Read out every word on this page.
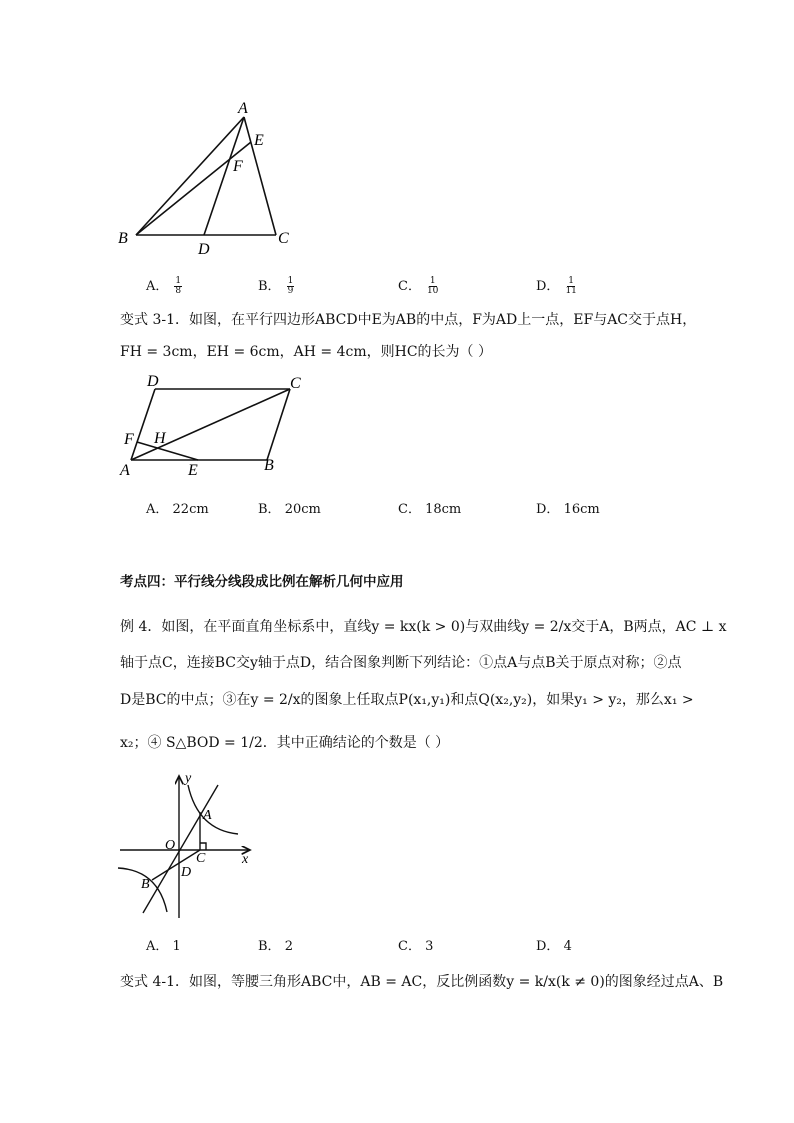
A
E
F
B
D
C
A． $\frac{1}{8}$	B． $\frac{1}{9}$	C． $\frac{1}{10}$	D． $\frac{1}{11}$
变式 3-1．如图，在平行四边形ABCD中E为AB的中点，F为AD上一点，EF与AC交于点H，
FH = 3cm，EH = 6cm，AH = 4cm，则HC的长为（ ）
D	C
F H
A	E	B
A． 22cm	B． 20cm	C． 18cm	D． 16cm
考点四：平行线分线段成比例在解析几何中应用
例 4．如图，在平面直角坐标系中，直线y = kx(k > 0)与双曲线y = 2/x交于A，B两点，AC ⊥ x
轴于点C，连接BC交y轴于点D，结合图象判断下列结论：①点A与点B关于原点对称；②点
D是BC的中点；③在y = 2/x的图象上任取点P(x₁,y₁)和点Q(x₂,y₂)，如果y₁ > y₂，那么x₁ >
x₂；④ S△BOD = 1/2．其中正确结论的个数是（ ）
y
x
O
A
C
D
B
A． 1	B． 2	C． 3	D． 4
变式 4-1．如图，等腰三角形ABC中，AB = AC，反比例函数y = k/x(k ≠ 0)的图象经过点A、B
